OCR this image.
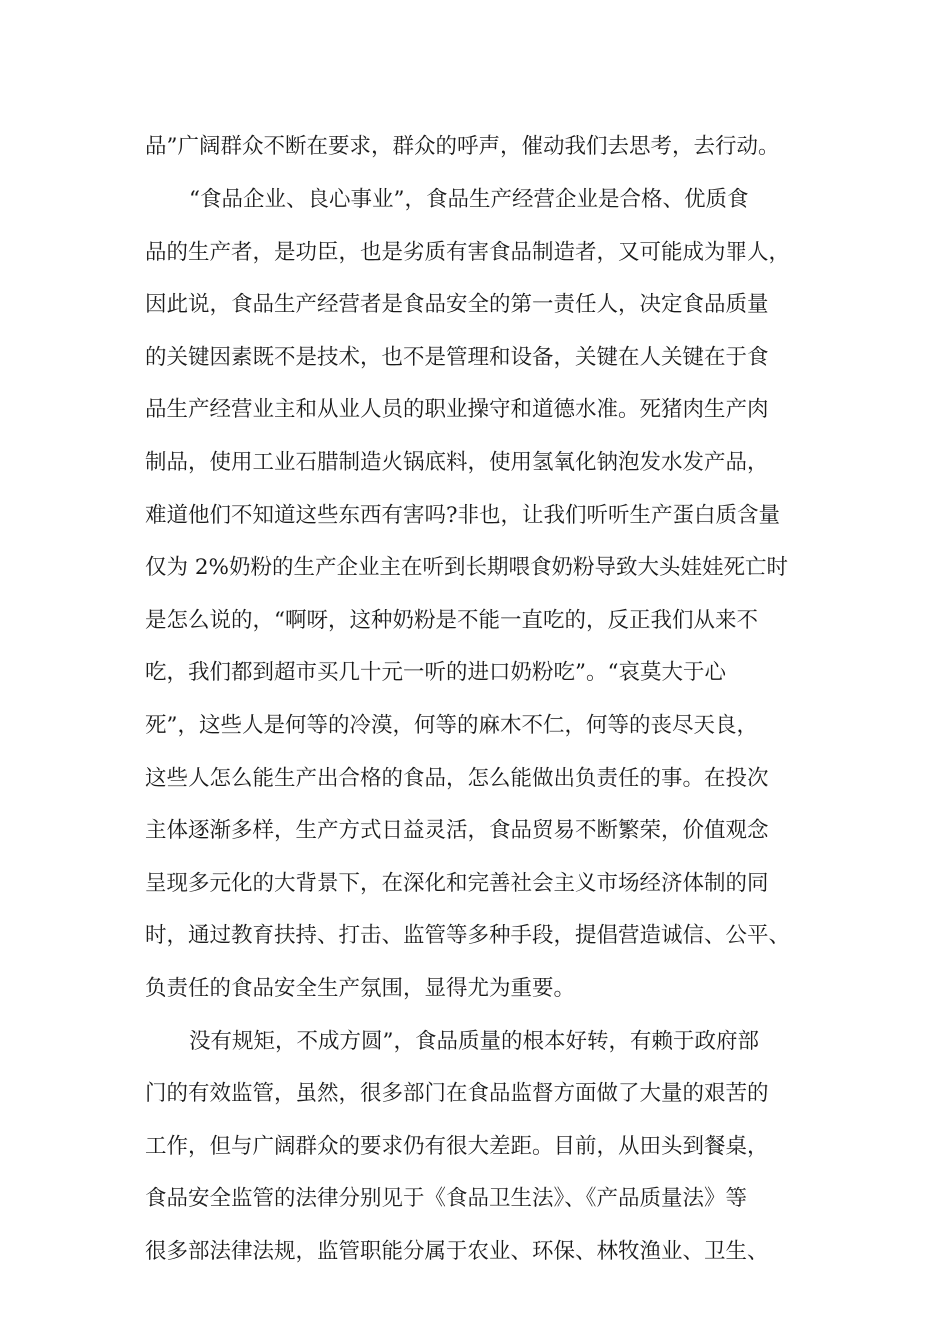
品”广阔群众不断在要求，群众的呼声，催动我们去思考，去行动。
“食品企业、良心事业”，食品生产经营企业是合格、优质食
品的生产者，是功臣，也是劣质有害食品制造者，又可能成为罪人，
因此说，食品生产经营者是食品安全的第一责任人，决定食品质量
的关键因素既不是技术，也不是管理和设备，关键在人关键在于食
品生产经营业主和从业人员的职业操守和道德水准。死猪肉生产肉
制品，使用工业石腊制造火锅底料，使用氢氧化钠泡发水发产品，
难道他们不知道这些东西有害吗?非也，让我们听听生产蛋白质含量
仅为 2%奶粉的生产企业主在听到长期喂食奶粉导致大头娃娃死亡时
是怎么说的，“啊呀，这种奶粉是不能一直吃的，反正我们从来不
吃，我们都到超市买几十元一听的进口奶粉吃”。“哀莫大于心
死”，这些人是何等的冷漠，何等的麻木不仁，何等的丧尽天良，
这些人怎么能生产出合格的食品，怎么能做出负责任的事。在投次
主体逐渐多样，生产方式日益灵活，食品贸易不断繁荣，价值观念
呈现多元化的大背景下，在深化和完善社会主义市场经济体制的同
时，通过教育扶持、打击、监管等多种手段，提倡营造诚信、公平、
负责任的食品安全生产氛围，显得尤为重要。
没有规矩，不成方圆”，食品质量的根本好转，有赖于政府部
门的有效监管，虽然，很多部门在食品监督方面做了大量的艰苦的
工作，但与广阔群众的要求仍有很大差距。目前，从田头到餐桌，
食品安全监管的法律分别见于《食品卫生法》、《产品质量法》等
很多部法律法规，监管职能分属于农业、环保、林牧渔业、卫生、
